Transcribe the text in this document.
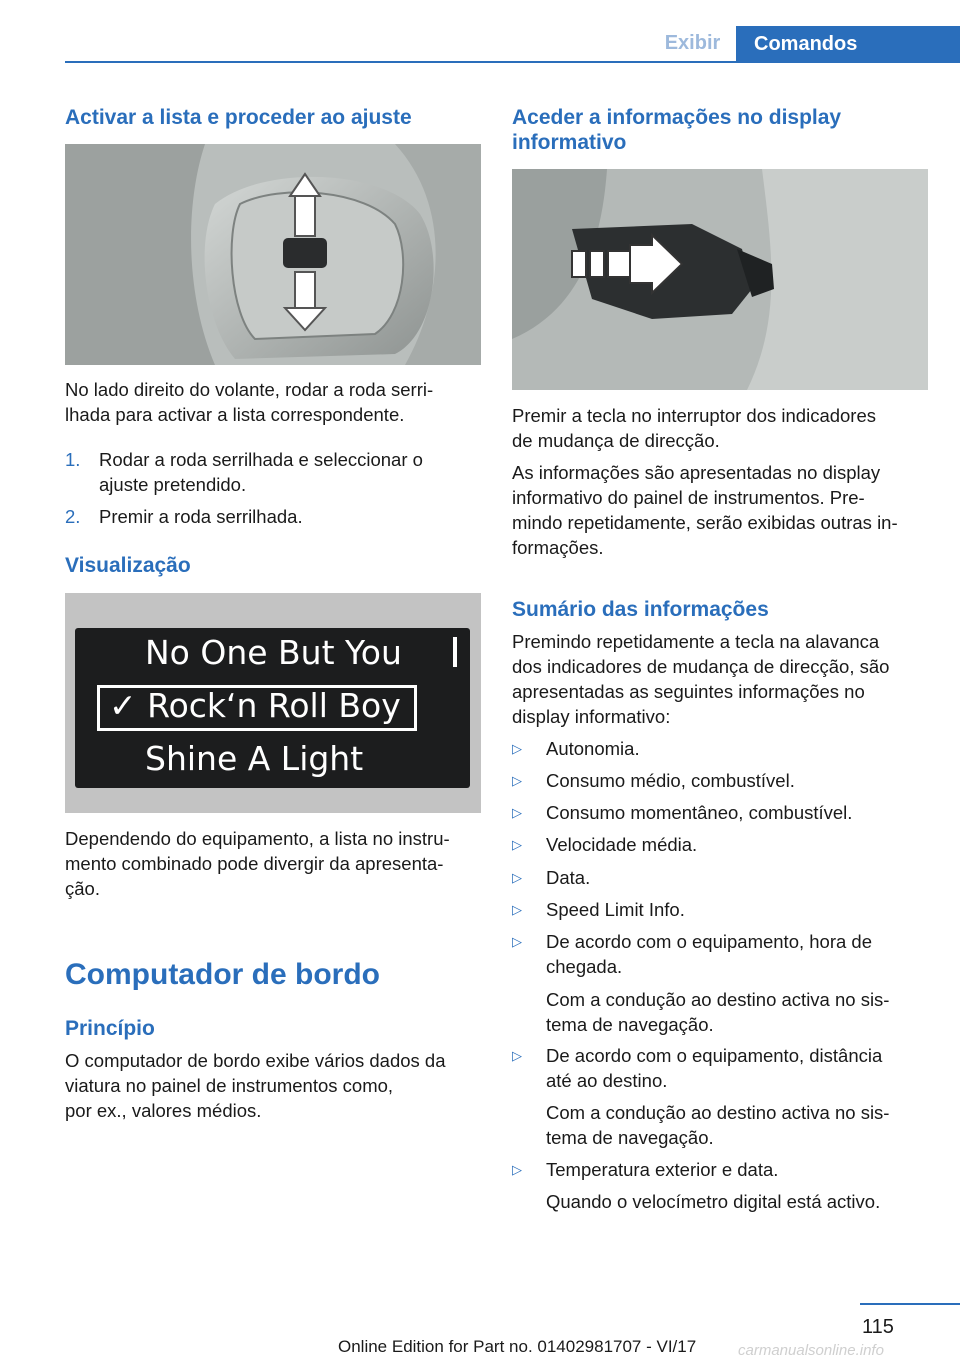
Exibir	Comandos
Activar a lista e proceder ao ajuste
No lado direito do volante, rodar a roda serri-
lhada para activar a lista correspondente.
1. Rodar a roda serrilhada e seleccionar o
ajuste pretendido.
2. Premir a roda serrilhada.
Visualização
No One But You
✓ Rock‘n Roll Boy
Shine A Light
Dependendo do equipamento, a lista no instru-
mento combinado pode divergir da apresenta-
ção.
Computador de bordo
Princípio
O computador de bordo exibe vários dados da
viatura no painel de instrumentos como,
por ex., valores médios.
Aceder a informações no display
informativo
Premir a tecla no interruptor dos indicadores
de mudança de direcção.
As informações são apresentadas no display
informativo do painel de instrumentos. Pre-
mindo repetidamente, serão exibidas outras in-
formações.
Sumário das informações
Premindo repetidamente a tecla na alavanca
dos indicadores de mudança de direcção, são
apresentadas as seguintes informações no
display informativo:
▷ Autonomia.
▷ Consumo médio, combustível.
▷ Consumo momentâneo, combustível.
▷ Velocidade média.
▷ Data.
▷ Speed Limit Info.
▷ De acordo com o equipamento, hora de
chegada.
Com a condução ao destino activa no sis-
tema de navegação.
▷ De acordo com o equipamento, distância
até ao destino.
Com a condução ao destino activa no sis-
tema de navegação.
▷ Temperatura exterior e data.
Quando o velocímetro digital está activo.
115
Online Edition for Part no. 01402981707 - VI/17	carmanualsonline.info
